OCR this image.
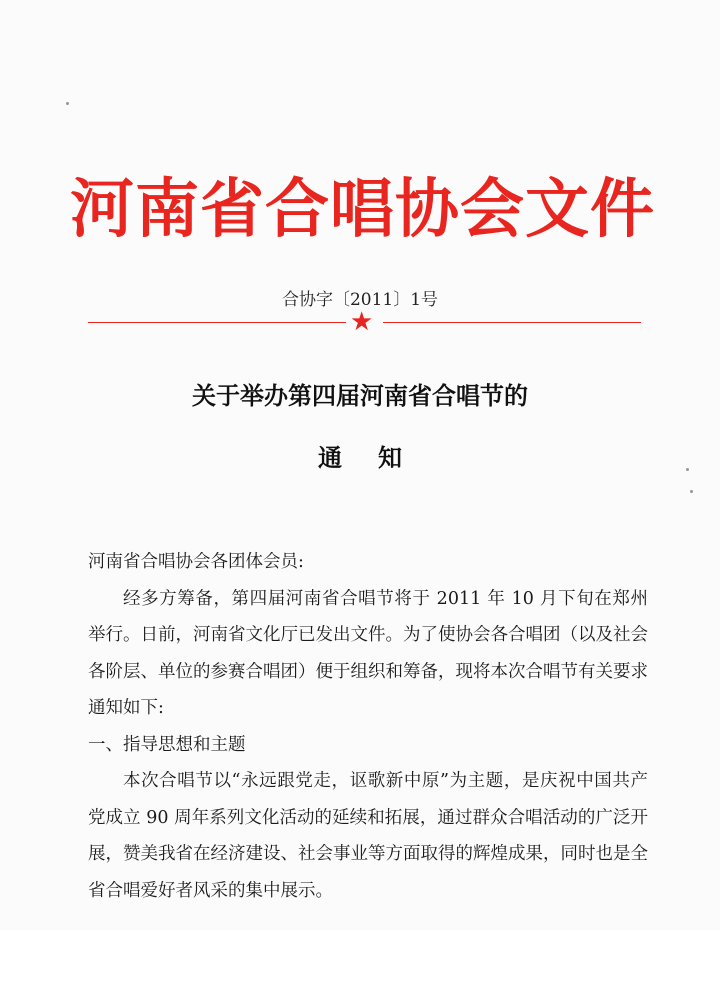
河南省合唱协会文件
合协字〔2011〕1号
★
关于举办第四届河南省合唱节的
通知

河南省合唱协会各团体会员:

经多方筹备，第四届河南省合唱节将于 2011 年 10 月下旬在郑州举行。日前，河南省文化厅已发出文件。为了使协会各合唱团（以及社会各阶层、单位的参赛合唱团）便于组织和筹备，现将本次合唱节有关要求通知如下:

一、指导思想和主题

本次合唱节以“永远跟党走，讴歌新中原”为主题，是庆祝中国共产党成立 90 周年系列文化活动的延续和拓展，通过群众合唱活动的广泛开展，赞美我省在经济建设、社会事业等方面取得的辉煌成果，同时也是全省合唱爱好者风采的集中展示。
